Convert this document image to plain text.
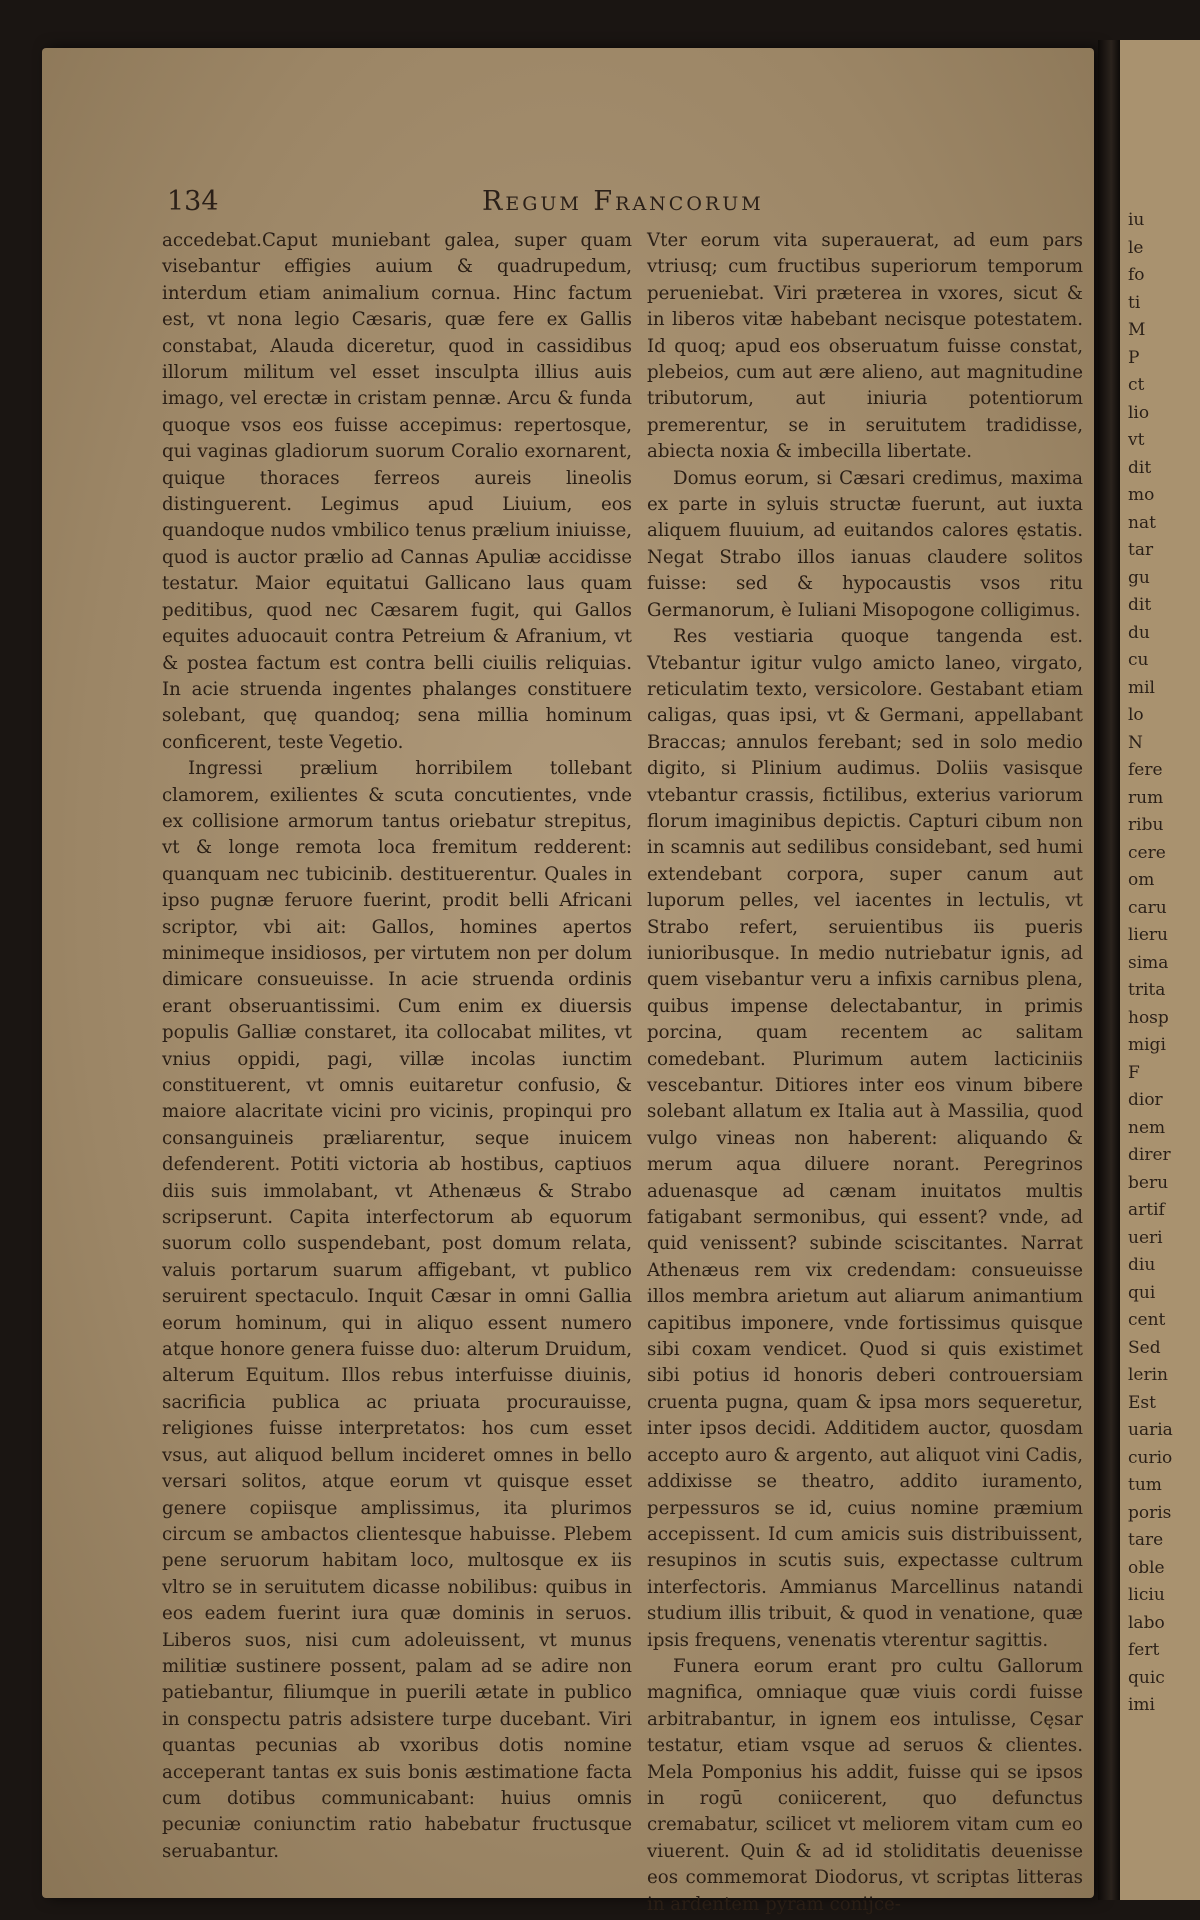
134	Regum Francorum

accedebat.Caput muniebant galea, super quam visebantur effigies auium & quadrupedum, interdum etiam animalium cornua. Hinc factum est, vt nona legio Cæsaris, quæ fere ex Gallis constabat, Alauda diceretur, quod in cassidibus illorum militum vel esset insculpta illius auis imago, vel erectæ in cristam pennæ. Arcu & funda quoque vsos eos fuisse accepimus: repertosque, qui vaginas gladiorum suorum Coralio exornarent, quique thoraces ferreos aureis lineolis distinguerent. Legimus apud Liuium, eos quandoque nudos vmbilico tenus prælium iniuisse, quod is auctor prælio ad Cannas Apuliæ accidisse testatur. Maior equitatui Gallicano laus quam peditibus, quod nec Cæsarem fugit, qui Gallos equites aduocauit contra Petreium & Afranium, vt & postea factum est contra belli ciuilis reliquias. In acie struenda ingentes phalanges constituere solebant, quę quandoq; sena millia hominum conficerent, teste Vegetio.

Ingressi prælium horribilem tollebant clamorem, exilientes & scuta concutientes, vnde ex collisione armorum tantus oriebatur strepitus, vt & longe remota loca fremitum redderent: quanquam nec tubicinib. destituerentur. Quales in ipso pugnæ feruore fuerint, prodit belli Africani scriptor, vbi ait: Gallos, homines apertos minimeque insidiosos, per virtutem non per dolum dimicare consueuisse. In acie struenda ordinis erant obseruantissimi. Cum enim ex diuersis populis Galliæ constaret, ita collocabat milites, vt vnius oppidi, pagi, villæ incolas iunctim constituerent, vt omnis euitaretur confusio, & maiore alacritate vicini pro vicinis, propinqui pro consanguineis præliarentur, seque inuicem defenderent. Potiti victoria ab hostibus, captiuos diis suis immolabant, vt Athenæus & Strabo scripserunt. Capita interfectorum ab equorum suorum collo suspendebant, post domum relata, valuis portarum suarum affigebant, vt publico seruirent spectaculo. Inquit Cæsar in omni Gallia eorum hominum, qui in aliquo essent numero atque honore genera fuisse duo: alterum Druidum, alterum Equitum. Illos rebus interfuisse diuinis, sacrificia publica ac priuata procurauisse, religiones fuisse interpretatos: hos cum esset vsus, aut aliquod bellum incideret omnes in bello versari solitos, atque eorum vt quisque esset genere copiisque amplissimus, ita plurimos circum se ambactos clientesque habuisse. Plebem pene seruorum habitam loco, multosque ex iis vltro se in seruitutem dicasse nobilibus: quibus in eos eadem fuerint iura quæ dominis in seruos. Liberos suos, nisi cum adoleuissent, vt munus militiæ sustinere possent, palam ad se adire non patiebantur, filiumque in puerili ætate in publico in conspectu patris adsistere turpe ducebant. Viri quantas pecunias ab vxoribus dotis nomine acceperant tantas ex suis bonis æstimatione facta cum dotibus communicabant: huius omnis pecuniæ coniunctim ratio habebatur fructusque seruabantur.

Vter eorum vita superauerat, ad eum pars vtriusq; cum fructibus superiorum temporum perueniebat. Viri præterea in vxores, sicut & in liberos vitæ habebant necisque potestatem. Id quoq; apud eos obseruatum fuisse constat, plebeios, cum aut ære alieno, aut magnitudine tributorum, aut iniuria potentiorum premerentur, se in seruitutem tradidisse, abiecta noxia & imbecilla libertate.

Domus eorum, si Cæsari credimus, maxima ex parte in syluis structæ fuerunt, aut iuxta aliquem fluuium, ad euitandos calores ęstatis. Negat Strabo illos ianuas claudere solitos fuisse: sed & hypocaustis vsos ritu Germanorum, è Iuliani Misopogone colligimus.

Res vestiaria quoque tangenda est. Vtebantur igitur vulgo amicto laneo, virgato, reticulatim texto, versicolore. Gestabant etiam caligas, quas ipsi, vt & Germani, appellabant Braccas; annulos ferebant; sed in solo medio digito, si Plinium audimus. Doliis vasisque vtebantur crassis, fictilibus, exterius variorum florum imaginibus depictis. Capturi cibum non in scamnis aut sedilibus considebant, sed humi extendebant corpora, super canum aut luporum pelles, vel iacentes in lectulis, vt Strabo refert, seruientibus iis pueris iunioribusque. In medio nutriebatur ignis, ad quem visebantur veru a infixis carnibus plena, quibus impense delectabantur, in primis porcina, quam recentem ac salitam comedebant. Plurimum autem lacticiniis vescebantur. Ditiores inter eos vinum bibere solebant allatum ex Italia aut à Massilia, quod vulgo vineas non haberent: aliquando & merum aqua diluere norant. Peregrinos aduenasque ad cænam inuitatos multis fatigabant sermonibus, qui essent? vnde, ad quid venissent? subinde sciscitantes. Narrat Athenæus rem vix credendam: consueuisse illos membra arietum aut aliarum animantium capitibus imponere, vnde fortissimus quisque sibi coxam vendicet. Quod si quis existimet sibi potius id honoris deberi controuersiam cruenta pugna, quam & ipsa mors sequeretur, inter ipsos decidi. Additidem auctor, quosdam accepto auro & argento, aut aliquot vini Cadis, addixisse se theatro, addito iuramento, perpessuros se id, cuius nomine præmium accepissent. Id cum amicis suis distribuissent, resupinos in scutis suis, expectasse cultrum interfectoris. Ammianus Marcellinus natandi studium illis tribuit, & quod in venatione, quæ ipsis frequens, venenatis vterentur sagittis.

Funera eorum erant pro cultu Gallorum magnifica, omniaque quæ viuis cordi fuisse arbitrabantur, in ignem eos intulisse, Cęsar testatur, etiam vsque ad seruos & clientes. Mela Pomponius his addit, fuisse qui se ipsos in rogū coniicerent, quo defunctus cremabatur, scilicet vt meliorem vitam cum eo viuerent. Quin & ad id stoliditatis deuenisse eos commemorat Diodorus, vt scriptas litteras in ardentem pyram conijce-

iu
le
fo
ti
M
P
ct
lio
vt
dit
mo
nat
tar
gu
dit
du
cu
mil
lo
N
fere
rum
ribu
cere
om
caru
lieru
sima
trita
hosp
migi
F
dior
nem
direr
beru
artif
ueri
diu
qui
cent
Sed
lerin
Est
uaria
curio
tum
poris
tare
oble
liciu
labo
fert
quic
imi
